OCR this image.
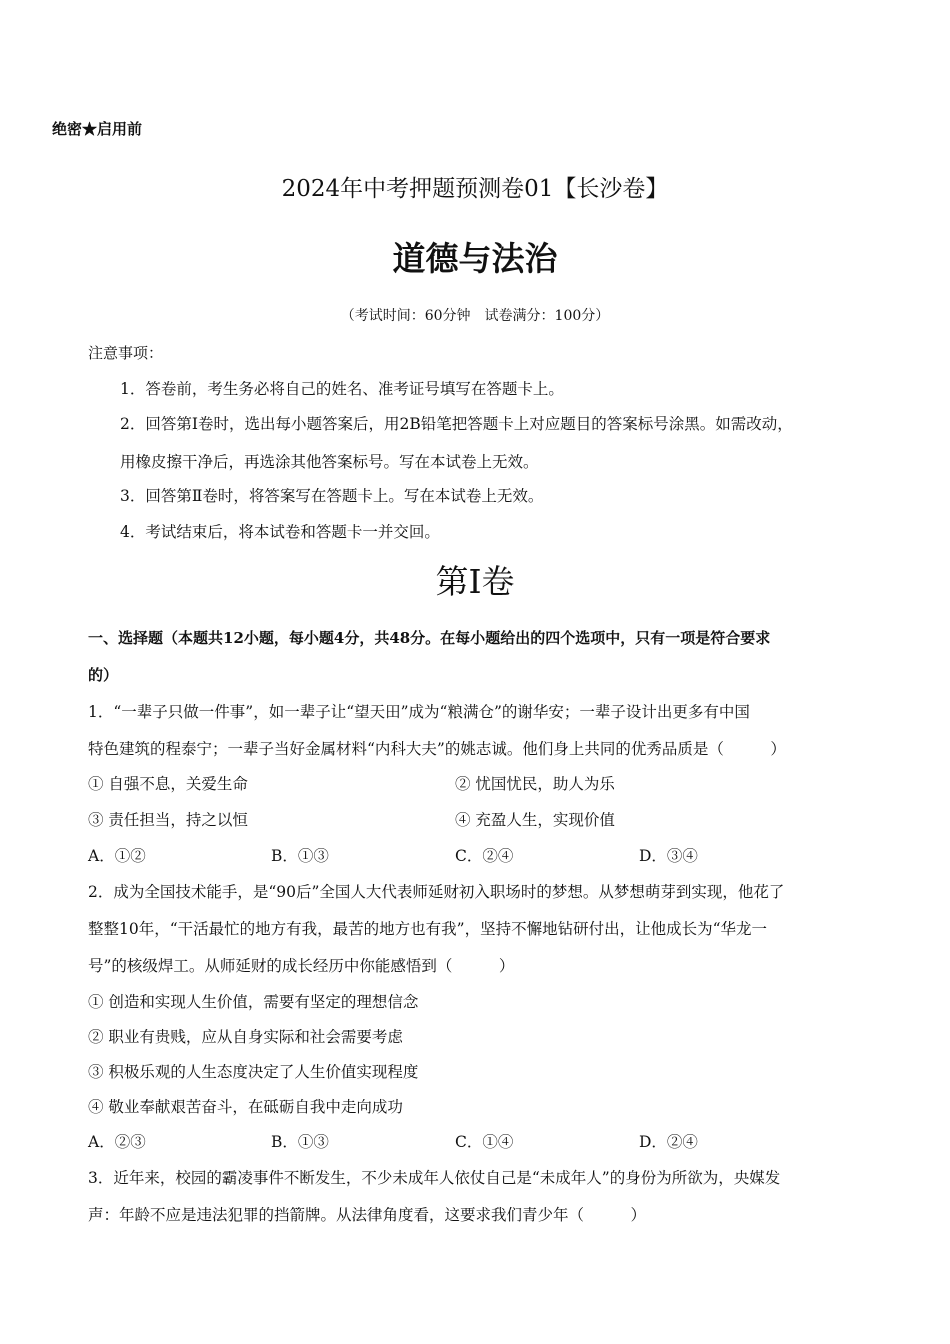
绝密★启用前
2024年中考押题预测卷01【长沙卷】
道德与法治
（考试时间：60分钟　试卷满分：100分）
注意事项：
1．答卷前，考生务必将自己的姓名、准考证号填写在答题卡上。
2．回答第Ⅰ卷时，选出每小题答案后，用2B铅笔把答题卡上对应题目的答案标号涂黑。如需改动，
用橡皮擦干净后，再选涂其他答案标号。写在本试卷上无效。
3．回答第Ⅱ卷时，将答案写在答题卡上。写在本试卷上无效。
4．考试结束后，将本试卷和答题卡一并交回。
第Ⅰ卷
一、选择题（本题共12小题，每小题4分，共48分。在每小题给出的四个选项中，只有一项是符合要求
的）
1．“一辈子只做一件事”，如一辈子让“望天田”成为“粮满仓”的谢华安；一辈子设计出更多有中国
特色建筑的程泰宁；一辈子当好金属材料“内科大夫”的姚志诚。他们身上共同的优秀品质是（　　　）
① 自强不息，关爱生命	② 忧国忧民，助人为乐
③ 责任担当，持之以恒	④ 充盈人生，实现价值
A．①②	B．①③	C．②④	D．③④
2．成为全国技术能手，是“90后”全国人大代表师延财初入职场时的梦想。从梦想萌芽到实现，他花了
整整10年，“干活最忙的地方有我，最苦的地方也有我”，坚持不懈地钻研付出，让他成长为“华龙一
号”的核级焊工。从师延财的成长经历中你能感悟到（　　　）
① 创造和实现人生价值，需要有坚定的理想信念
② 职业有贵贱，应从自身实际和社会需要考虑
③ 积极乐观的人生态度决定了人生价值实现程度
④ 敬业奉献艰苦奋斗，在砥砺自我中走向成功
A．②③	B．①③	C．①④	D．②④
3．近年来，校园的霸凌事件不断发生，不少未成年人依仗自己是“未成年人”的身份为所欲为，央媒发
声：年龄不应是违法犯罪的挡箭牌。从法律角度看，这要求我们青少年（　　　）
